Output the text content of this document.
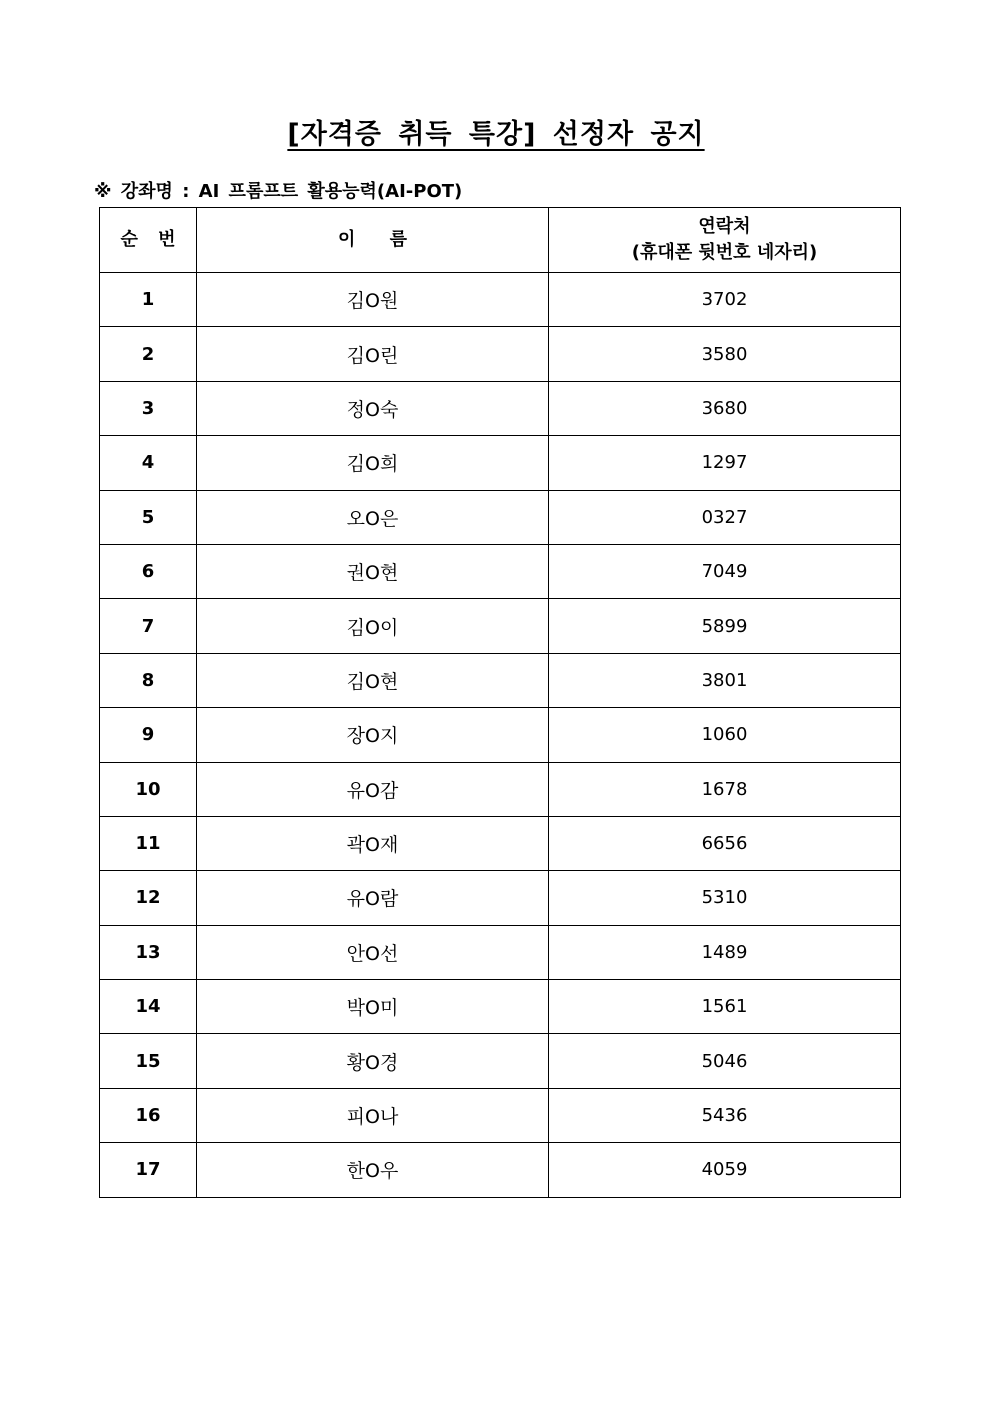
[자격증 취득 특강] 선정자 공지
※ 강좌명 : AI 프롬프트 활용능력(AI-POT)
순 번	이 름	연락처
(휴대폰 뒷번호 네자리)

1	김O원	3702
2	김O린	3580
3	정O숙	3680
4	김O희	1297
5	오O은	0327
6	권O현	7049
7	김O이	5899
8	김O현	3801
9	장O지	1060
10	유O감	1678
11	곽O재	6656
12	유O람	5310
13	안O선	1489
14	박O미	1561
15	황O경	5046
16	피O나	5436
17	한O우	4059
